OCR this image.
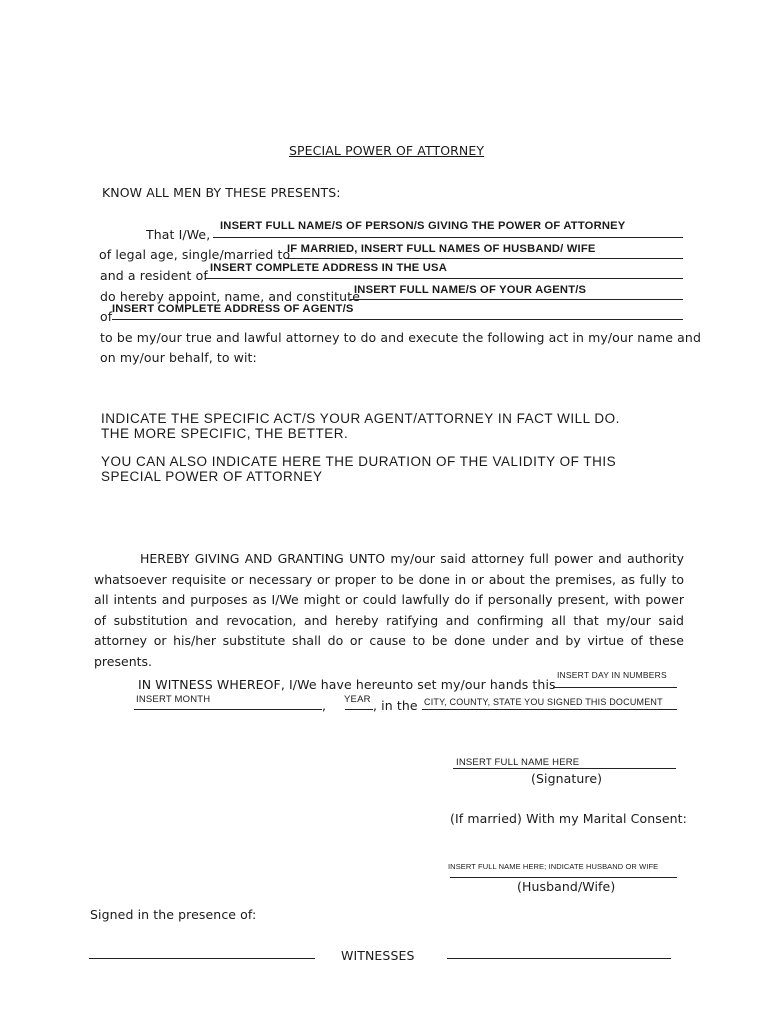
SPECIAL POWER OF ATTORNEY
KNOW ALL MEN BY THESE PRESENTS:
That I/We,
INSERT FULL NAME/S OF PERSON/S GIVING THE POWER OF ATTORNEY
of legal age, single/married to
IF MARRIED, INSERT FULL NAMES OF HUSBAND/ WIFE
and a resident of INSERT COMPLETE ADDRESS IN THE USA
do hereby appoint, name, and constitute
INSERT FULL NAME/S OF YOUR AGENT/S
of INSERT COMPLETE ADDRESS OF AGENT/S
to be my/our true and lawful attorney to do and execute the following act in my/our name and
on my/our behalf, to wit:
INDICATE THE SPECIFIC ACT/S YOUR AGENT/ATTORNEY IN FACT WILL DO.
THE MORE SPECIFIC, THE BETTER.
YOU CAN ALSO INDICATE HERE THE DURATION OF THE VALIDITY OF THIS
SPECIAL POWER OF ATTORNEY

HEREBY GIVING AND GRANTING UNTO my/our said attorney full power and authority whatsoever requisite or necessary or proper to be done in or about the premises, as fully to all intents and purposes as I/We might or could lawfully do if personally present, with power of substitution and revocation, and hereby ratifying and confirming all that my/our said attorney or his/her substitute shall do or cause to be done under and by virtue of these presents.

IN WITNESS WHEREOF, I/We have hereunto set my/our hands this
INSERT DAY IN NUMBERS
INSERT MONTH	, YEAR , in the CITY, COUNTY, STATE YOU SIGNED THIS DOCUMENT
INSERT FULL NAME HERE
(Signature)
(If married) With my Marital Consent:
INSERT FULL NAME HERE; INDICATE HUSBAND OR WIFE
(Husband/Wife)
Signed in the presence of:
WITNESSES
